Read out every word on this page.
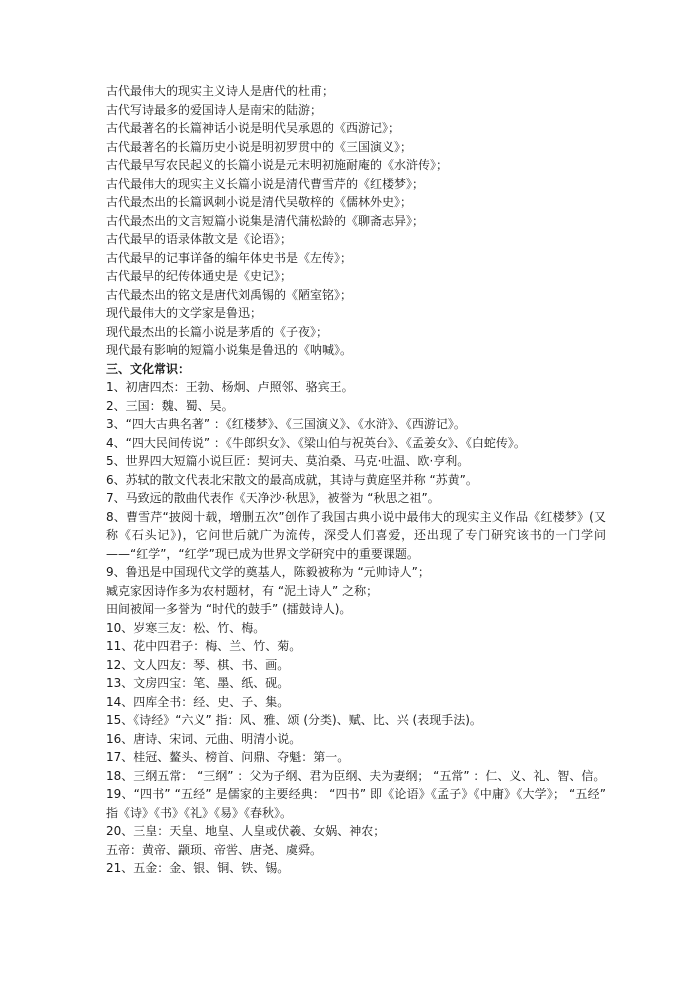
古代最伟大的现实主义诗人是唐代的杜甫；
古代写诗最多的爱国诗人是南宋的陆游；
古代最著名的长篇神话小说是明代吴承恩的《西游记》；
古代最著名的长篇历史小说是明初罗贯中的《三国演义》；
古代最早写农民起义的长篇小说是元末明初施耐庵的《水浒传》；
古代最伟大的现实主义长篇小说是清代曹雪芹的《红楼梦》；
古代最杰出的长篇讽刺小说是清代吴敬梓的《儒林外史》；
古代最杰出的文言短篇小说集是清代蒲松龄的《聊斋志异》；
古代最早的语录体散文是《论语》；
古代最早的记事详备的编年体史书是《左传》；
古代最早的纪传体通史是《史记》；
古代最杰出的铭文是唐代刘禹锡的《陋室铭》；
现代最伟大的文学家是鲁迅；
现代最杰出的长篇小说是茅盾的《子夜》；
现代最有影响的短篇小说集是鲁迅的《呐喊》。
三、文化常识：
1、初唐四杰：王勃、杨炯、卢照邻、骆宾王。
2、三国：魏、蜀、吴。
3、“四大古典名著” ：《红楼梦》、《三国演义》、《水浒》、《西游记》。
4、“四大民间传说” ：《牛郎织女》、《梁山伯与祝英台》、《孟姜女》、《白蛇传》。
5、世界四大短篇小说巨匠：契诃夫、莫泊桑、马克·吐温、欧·亨利。
6、苏轼的散文代表北宋散文的最高成就，其诗与黄庭坚并称 “苏黄”。
7、马致远的散曲代表作《天净沙·秋思》，被誉为 “秋思之祖”。
8、曹雪芹“披阅十载，增删五次”创作了我国古典小说中最伟大的现实主义作品《红楼梦》(又称《石头记》)，它问世后就广为流传，深受人们喜爱，还出现了专门研究该书的一门学问——“红学”，“红学”现已成为世界文学研究中的重要课题。
9、鲁迅是中国现代文学的奠基人，陈毅被称为 “元帅诗人”；
臧克家因诗作多为农村题材，有 “泥土诗人” 之称；
田间被闻一多誉为 “时代的鼓手” (擂鼓诗人)。
10、岁寒三友：松、竹、梅。
11、花中四君子：梅、兰、竹、菊。
12、文人四友：琴、棋、书、画。
13、文房四宝：笔、墨、纸、砚。
14、四库全书：经、史、子、集。
15、《诗经》“六义” 指：风、雅、颂 (分类)、赋、比、兴 (表现手法)。
16、唐诗、宋词、元曲、明清小说。
17、桂冠、鳌头、榜首、问鼎、夺魁：第一。
18、三纲五常： “三纲” ：父为子纲、君为臣纲、夫为妻纲； “五常” ：仁、义、礼、智、信。
19、“四书” “五经” 是儒家的主要经典： “四书” 即《论语》《孟子》《中庸》《大学》； “五经” 指《诗》《书》《礼》《易》《春秋》。
20、三皇：天皇、地皇、人皇或伏羲、女娲、神农；
五帝：黄帝、颛顼、帝喾、唐尧、虞舜。
21、五金：金、银、铜、铁、锡。
